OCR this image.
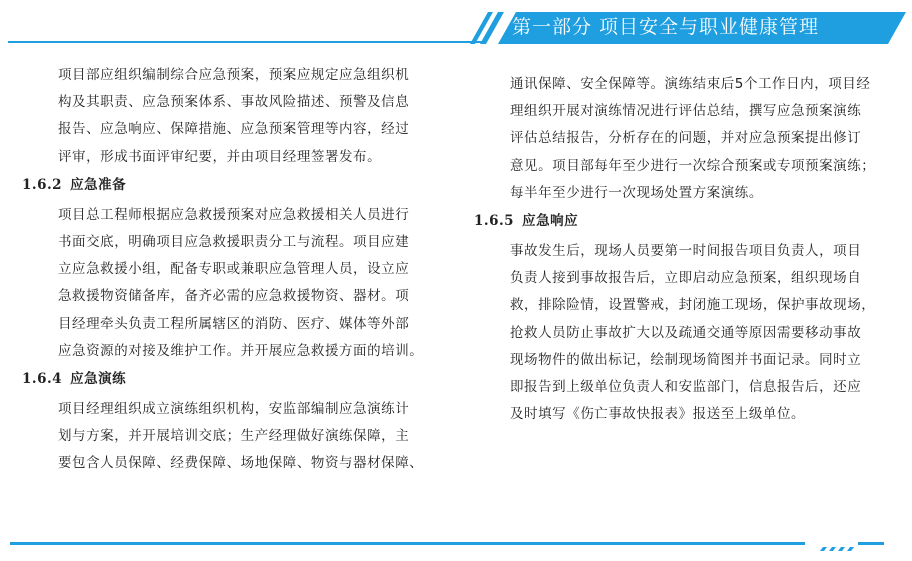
第一部分 项目安全与职业健康管理
项目部应组织编制综合应急预案，预案应规定应急组织机
构及其职责、应急预案体系、事故风险描述、预警及信息
报告、应急响应、保障措施、应急预案管理等内容，经过
评审，形成书面评审纪要，并由项目经理签署发布。
1.6.2 应急准备
项目总工程师根据应急救援预案对应急救援相关人员进行
书面交底，明确项目应急救援职责分工与流程。项目应建
立应急救援小组，配备专职或兼职应急管理人员，设立应
急救援物资储备库，备齐必需的应急救援物资、器材。项
目经理牵头负责工程所属辖区的消防、医疗、媒体等外部
应急资源的对接及维护工作。并开展应急救援方面的培训。
1.6.4 应急演练
项目经理组织成立演练组织机构，安监部编制应急演练计
划与方案，并开展培训交底；生产经理做好演练保障，主
要包含人员保障、经费保障、场地保障、物资与器材保障、
通讯保障、安全保障等。演练结束后5个工作日内，项目经
理组织开展对演练情况进行评估总结，撰写应急预案演练
评估总结报告，分析存在的问题，并对应急预案提出修订
意见。项目部每年至少进行一次综合预案或专项预案演练；
每半年至少进行一次现场处置方案演练。
1.6.5 应急响应
事故发生后，现场人员要第一时间报告项目负责人，项目
负责人接到事故报告后，立即启动应急预案，组织现场自
救，排除险情，设置警戒，封闭施工现场，保护事故现场，
抢救人员防止事故扩大以及疏通交通等原因需要移动事故
现场物件的做出标记，绘制现场简图并书面记录。同时立
即报告到上级单位负责人和安监部门，信息报告后，还应
及时填写《伤亡事故快报表》报送至上级单位。
